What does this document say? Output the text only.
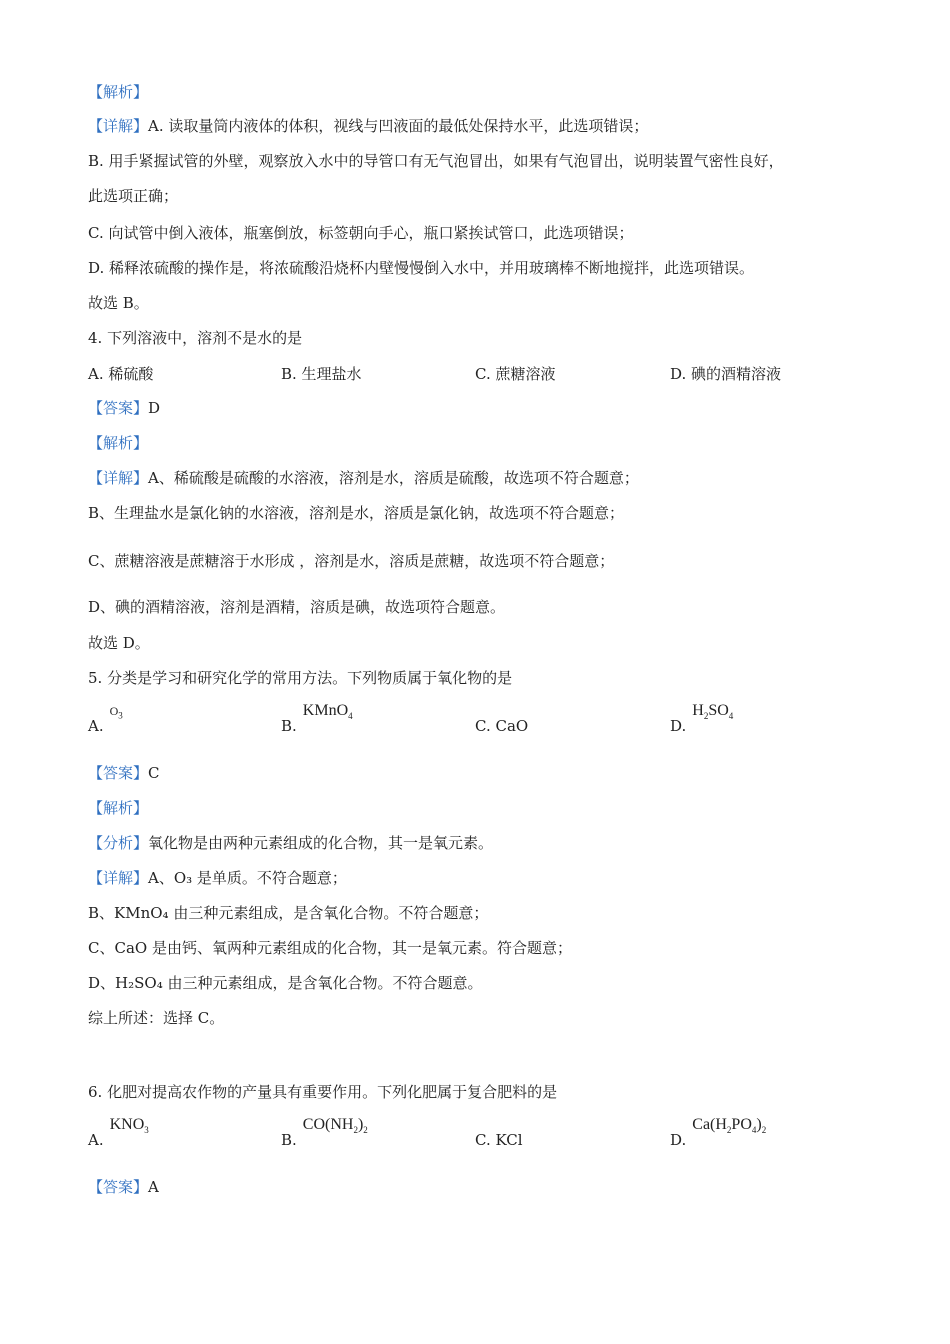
【解析】
【详解】A. 读取量筒内液体的体积，视线与凹液面的最低处保持水平，此选项错误；
B. 用手紧握试管的外壁，观察放入水中的导管口有无气泡冒出，如果有气泡冒出，说明装置气密性良好，
此选项正确；
C. 向试管中倒入液体，瓶塞倒放，标签朝向手心，瓶口紧挨试管口，此选项错误；
D. 稀释浓硫酸的操作是，将浓硫酸沿烧杯内壁慢慢倒入水中，并用玻璃棒不断地搅拌，此选项错误。
故选 B。
4. 下列溶液中，溶剂不是水的是
A. 稀硫酸	B. 生理盐水	C. 蔗糖溶液	D. 碘的酒精溶液
【答案】D
【解析】
【详解】A、稀硫酸是硫酸的水溶液，溶剂是水，溶质是硫酸，故选项不符合题意；
B、生理盐水是氯化钠的水溶液，溶剂是水，溶质是氯化钠，故选项不符合题意；
C、蔗糖溶液是蔗糖溶于水形成 ，溶剂是水，溶质是蔗糖，故选项不符合题意；
D、碘的酒精溶液，溶剂是酒精，溶质是碘，故选项符合题意。
故选 D。
5. 分类是学习和研究化学的常用方法。下列物质属于氧化物的是
A.$^{O_3}$
B.KMnO$_4$
C. CaO	$D.H_2SO_4$
【答案】C
【解析】
【分析】氧化物是由两种元素组成的化合物，其一是氧元素。
【详解】A、O₃ 是单质。不符合题意；
B、KMnO₄ 由三种元素组成，是含氧化合物。不符合题意；
C、CaO 是由钙、氧两种元素组成的化合物，其一是氧元素。符合题意；
D、H₂SO₄ 由三种元素组成，是含氧化合物。不符合题意。
综上所述：选择 C。
6. 化肥对提高农作物的产量具有重要作用。下列化肥属于复合肥料的是
$A.KNO_3$
$B.CO(NH_2)_2$
C. KCl	$D.Ca(H_2PO_4)_2$
【答案】A
